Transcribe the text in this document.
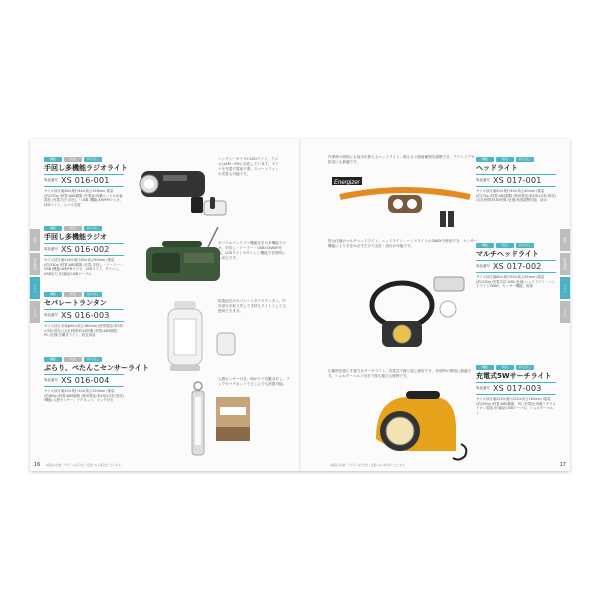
防災
防災用品
ライト
ラジオ
防災
防災用品
ライト
ラジオ
機能	防災	持ち出し
手回し多機能ラジオライト
単品番号 XS 016-001
サイズ(約) 幅58×奥行44×高さ156mm 重量(約)170g /材質:ABS樹脂 /充電池:内蔵ニッケル水素電池 /充電方法:手回し・USB /機能:AM/FMラジオ、LEDライト、スマホ充電
機能	防災	持ち出し
手回し多機能ラジオ
単品番号 XS 016-002
サイズ(約) 幅150×奥行65×高さ80mm /重量(約)330g /材質:ABS樹脂 /充電:手回し・ソーラー・USB /機能:AM/FMラジオ、LEDライト、サイレン、USB出力 /付属品:USBケーブル
機能	防災	持ち出し
セパレートランタン
単品番号 XS 016-003
サイズ(約) 本体φ90×高さ180mm /使用電池:単3形×3本(別売) /点灯時間:約10時間 /材質:ABS樹脂、PC /仕様:分離式ライト、防災用品
機能	防災	持ち出し
ぶらり、ぺたんこセンサーライト
単品番号 XS 016-004
サイズ(約) 幅15×奥行10×高さ120mm /重量(約)60g /材質:ABS樹脂 /使用電池:単4形×3本(別売) /機能:人感センサー、マグネット、フック付き
ハンディータイプのLEDライト。ラジオはAM・FMに対応しています。ダイナモ充電で電池不要。スマートフォンの充電も可能です。
モバイルバッテリー機能付きの多機能ラジオ。手回し・ソーラー・USBの3WAY充電。LEDライトやサイレン機能で非常時にも安心です。
乾電池式のセパレートタイプランタン。中央部分を取り外して手持ちライトとしても使用できます。
人感センサー付き。暗がりで自動点灯し、フックやマグネットでどこにでも設置可能。
16 ※商品の仕様・デザインは予告なく変更になる場合がございます。
作業時の照明にも両手が使えるヘッドライト。明るさと照射範囲を調整でき、アウトドアや防災にも最適です。
防水仕様のマルチヘッドライト。ヘッドライト・ハンドライトの2WAYで使用でき、センサー機能により手をかざすだけで点灯・消灯が可能です。
広範囲を照らす強力なサーチライト。充電式で繰り返し使用でき、非常時の照明に最適です。ショルダーベルト付きで持ち運びも便利です。
Energizer
機能	防災	持ち出し
ヘッドライト
単品番号 XS 017-001
サイズ(約) 幅55×奥行45×高さ40mm /重量(約)75g /材質:ABS樹脂 /使用電池:単4形×3本(別売) /点灯時間:約30時間 /仕様:角度調整可能、防水
機能	防災	持ち出し
マルチヘッドライト
単品番号 XS 017-002
サイズ(約) 幅60×奥行50×高さ45mm /重量(約)120g /充電方法:USB /仕様:ヘッドライト・ハンドライト2WAY、センサー機能、防滴
機能	防災	持ち出し
充電式5Wサーチライト
単品番号 XS 017-003
サイズ(約) 幅125×奥行220×高さ185mm /重量(約)590g /材質:ABS樹脂、PC /充電池:内蔵リチウムイオン電池 /付属品:USBケーブル、ショルダーベルト
17
※商品の仕様・デザインは予告なく変更になる場合がございます。
